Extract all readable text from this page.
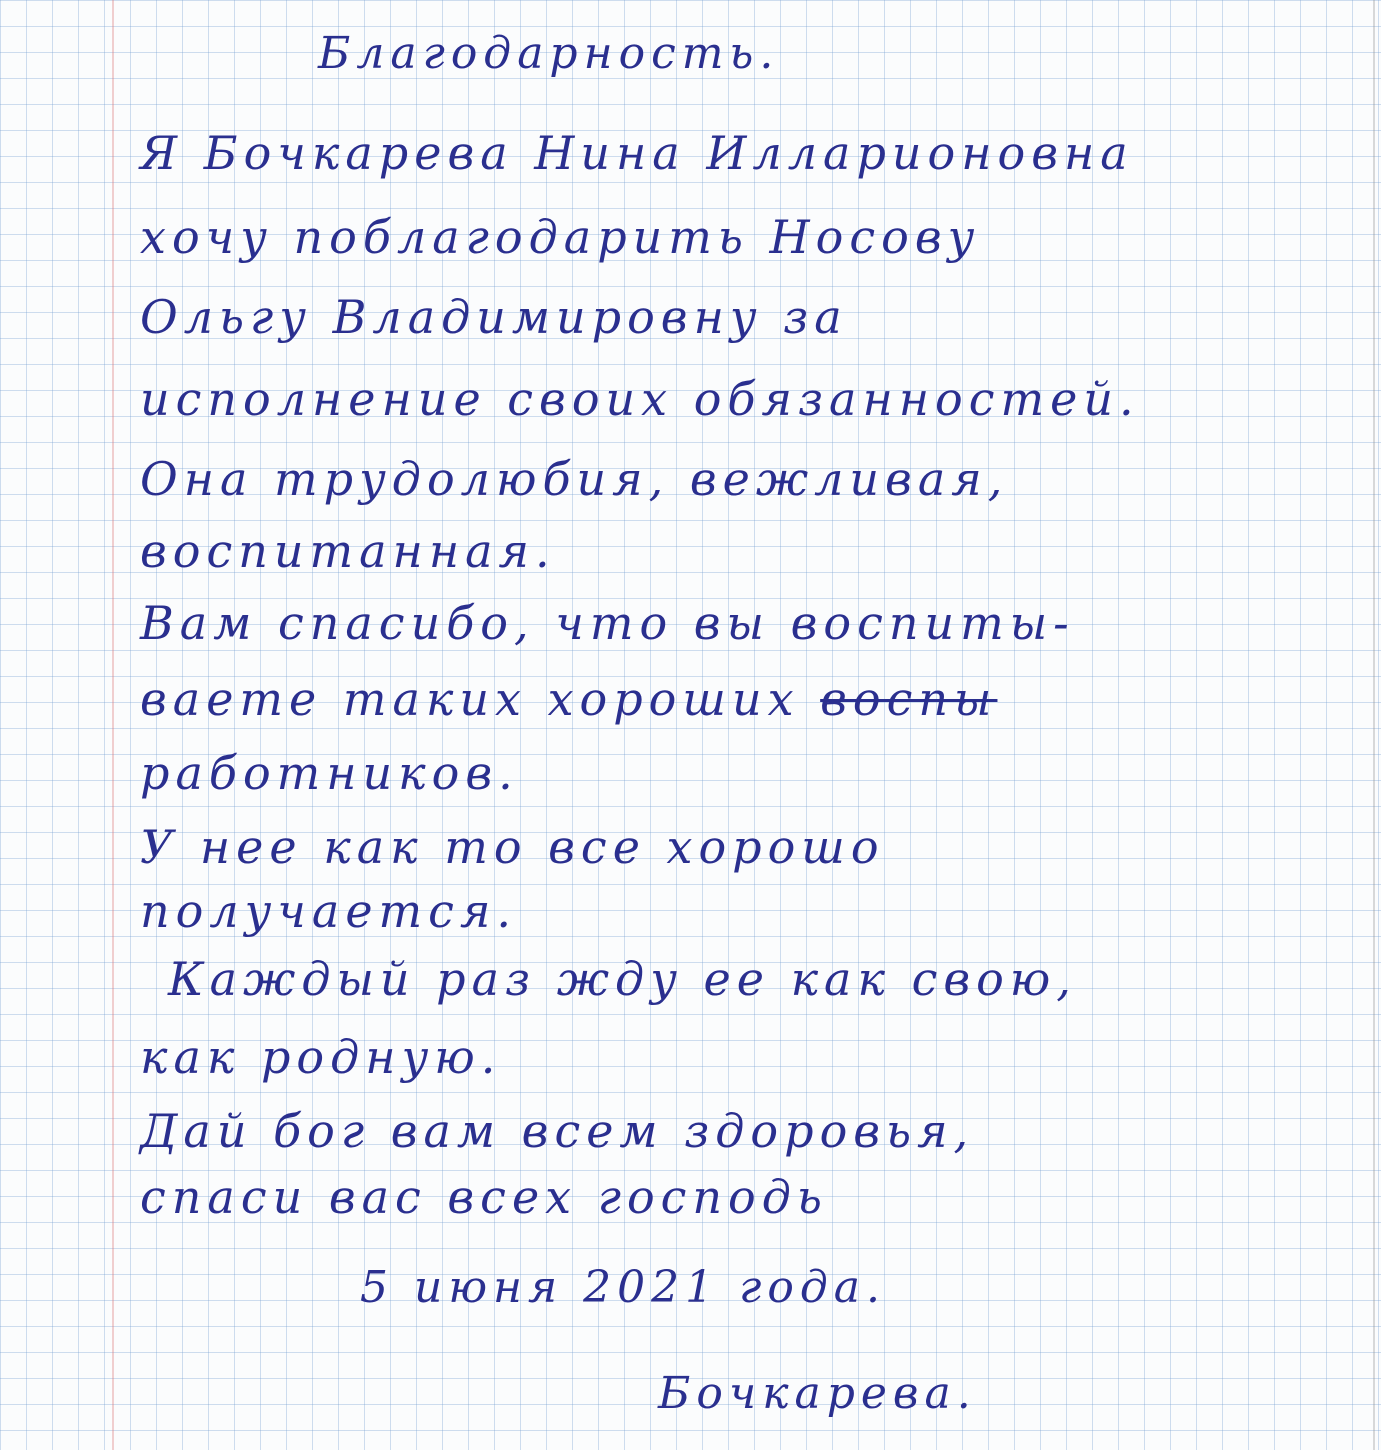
Благодарность.
Я Бочкарева Нина Илларионовна
хочу поблагодарить Носову
Ольгу Владимировну за
исполнение своих обязанностей.
Она трудолюбия, вежливая,
воспитанная.
Вам спасибо, что вы воспиты-
ваете таких хороших воспы
работников.
У нее как то все хорошо
получается.
Каждый раз жду ее как свою,
как родную.
Дай бог вам всем здоровья,
спаси вас всех господь
5 июня 2021 года.
Бочкарева.
